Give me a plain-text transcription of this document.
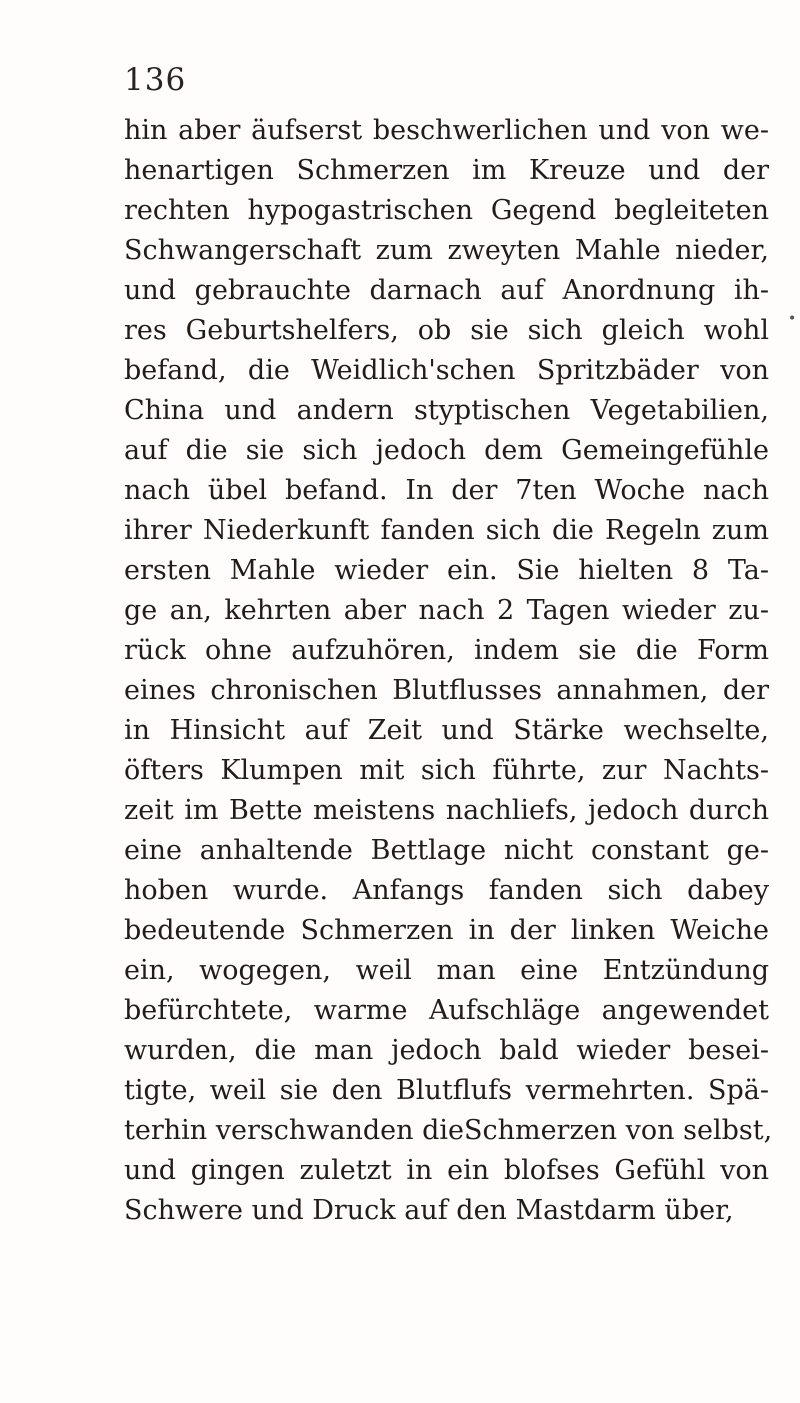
136
hin aber äufserst beschwerlichen und von we-
henartigen Schmerzen im Kreuze und der
rechten hypogastrischen Gegend begleiteten
Schwangerschaft zum zweyten Mahle nieder,
und gebrauchte darnach auf Anordnung ih-
res Geburtshelfers, ob sie sich gleich wohl
befand, die Weidlich'schen Spritzbäder von
China und andern styptischen Vegetabilien,
auf die sie sich jedoch dem Gemeingefühle
nach übel befand. In der 7ten Woche nach
ihrer Niederkunft fanden sich die Regeln zum
ersten Mahle wieder ein. Sie hielten 8 Ta-
ge an, kehrten aber nach 2 Tagen wieder zu-
rück ohne aufzuhören, indem sie die Form
eines chronischen Blutflusses annahmen, der
in Hinsicht auf Zeit und Stärke wechselte,
öfters Klumpen mit sich führte, zur Nachts-
zeit im Bette meistens nachliefs, jedoch durch
eine anhaltende Bettlage nicht constant ge-
hoben wurde. Anfangs fanden sich dabey
bedeutende Schmerzen in der linken Weiche
ein, wogegen, weil man eine Entzündung
befürchtete, warme Aufschläge angewendet
wurden, die man jedoch bald wieder besei-
tigte, weil sie den Blutflufs vermehrten. Spä-
terhin verschwanden dieSchmerzen von selbst,
und gingen zuletzt in ein blofses Gefühl von
Schwere und Druck auf den Mastdarm über,
•
